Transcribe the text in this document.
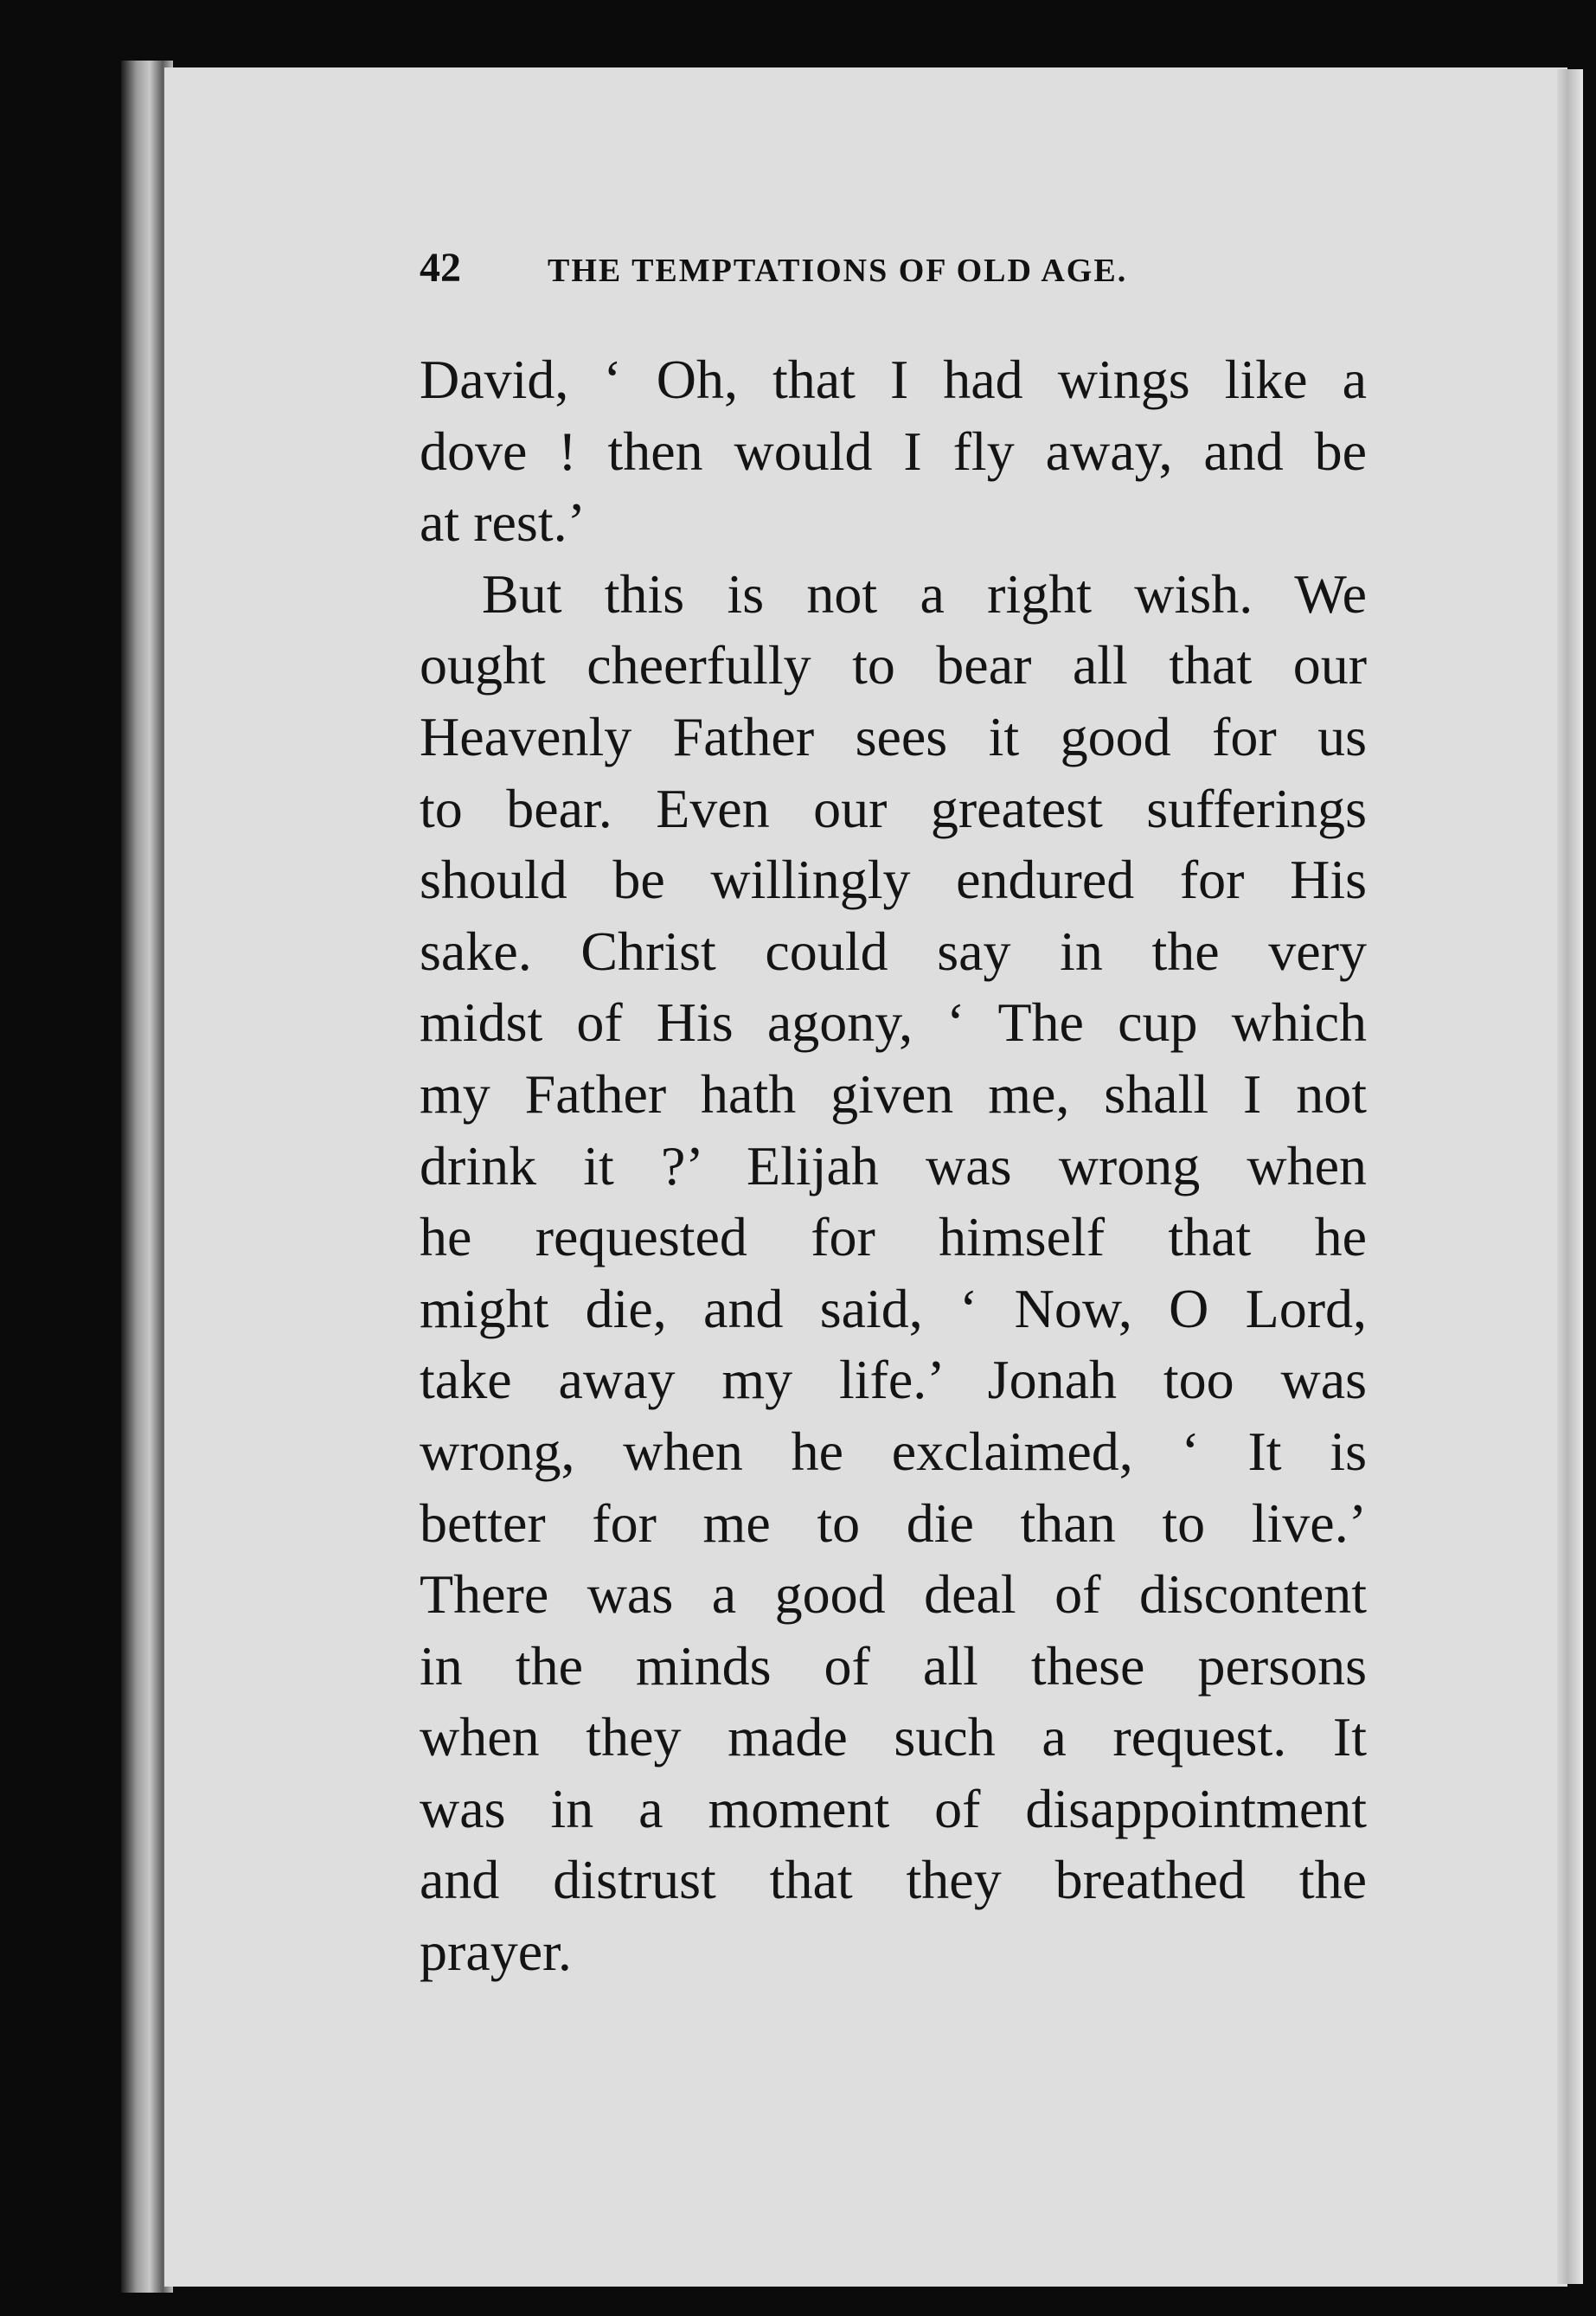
42	THE TEMPTATIONS OF OLD AGE.
David, ‘ Oh, that I had wings like a
dove ! then would I fly away, and be
at rest.’
But this is not a right wish. We
ought cheerfully to bear all that our
Heavenly Father sees it good for us
to bear. Even our greatest sufferings
should be willingly endured for His
sake. Christ could say in the very
midst of His agony, ‘ The cup which
my Father hath given me, shall I not
drink it ?’ Elijah was wrong when
he requested for himself that he
might die, and said, ‘ Now, O Lord,
take away my life.’ Jonah too was
wrong, when he exclaimed, ‘ It is
better for me to die than to live.’
There was a good deal of discontent
in the minds of all these persons
when they made such a request. It
was in a moment of disappointment
and distrust that they breathed the
prayer.
